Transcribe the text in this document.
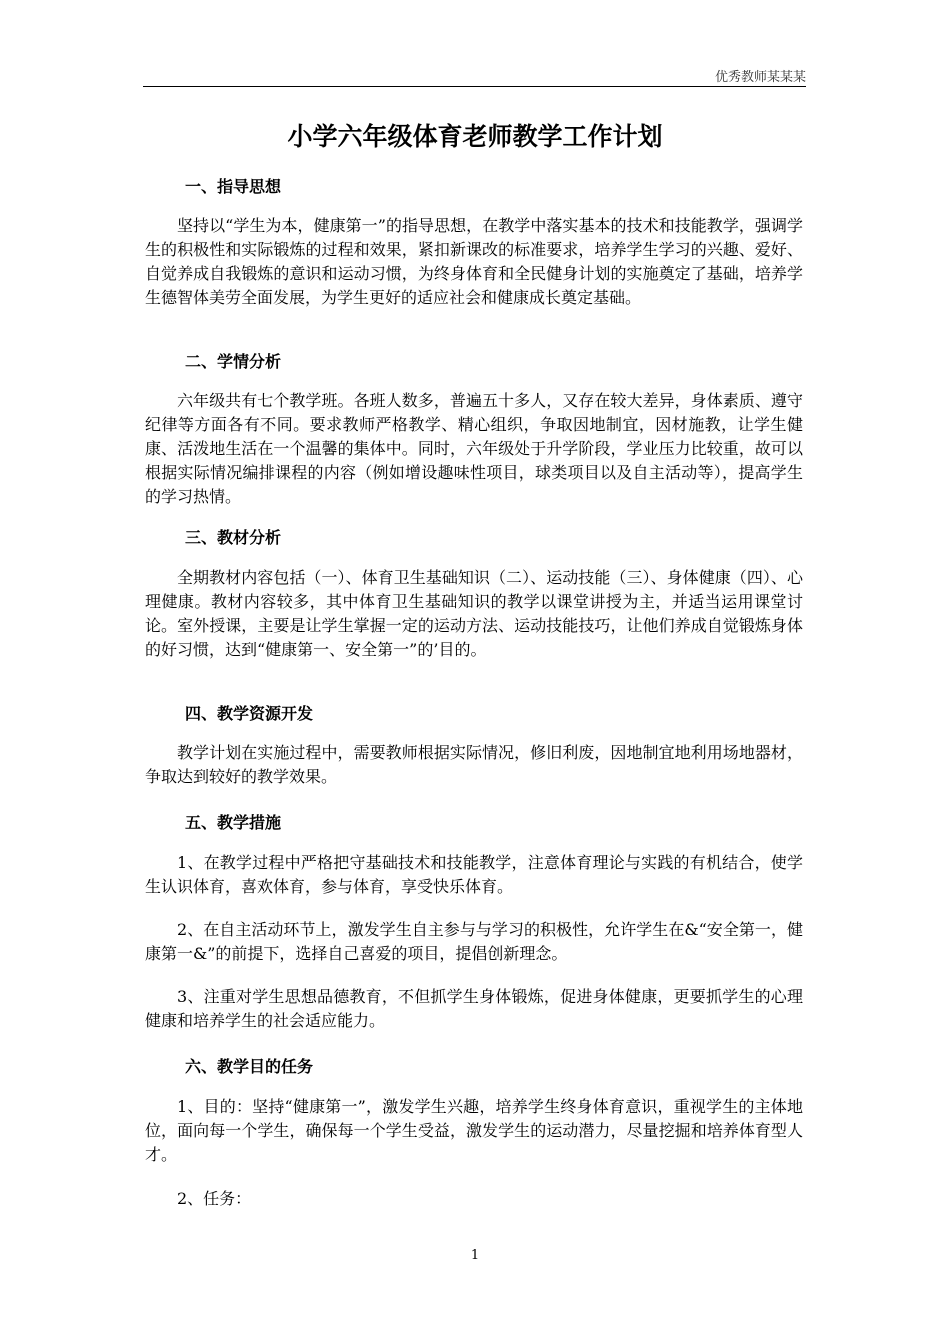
优秀教师某某某
小学六年级体育老师教学工作计划
一、指导思想
坚持以“学生为本，健康第一”的指导思想，在教学中落实基本的技术和技能教学，强调学生的积极性和实际锻炼的过程和效果，紧扣新课改的标准要求，培养学生学习的兴趣、爱好、自觉养成自我锻炼的意识和运动习惯，为终身体育和全民健身计划的实施奠定了基础，培养学生德智体美劳全面发展，为学生更好的适应社会和健康成长奠定基础。
二、学情分析
六年级共有七个教学班。各班人数多，普遍五十多人，又存在较大差异，身体素质、遵守纪律等方面各有不同。要求教师严格教学、精心组织，争取因地制宜，因材施教，让学生健康、活泼地生活在一个温馨的集体中。同时，六年级处于升学阶段，学业压力比较重，故可以根据实际情况编排课程的内容（例如增设趣味性项目，球类项目以及自主活动等），提高学生的学习热情。
三、教材分析
全期教材内容包括（一）、体育卫生基础知识（二）、运动技能（三）、身体健康（四）、心理健康。教材内容较多，其中体育卫生基础知识的教学以课堂讲授为主，并适当运用课堂讨论。室外授课，主要是让学生掌握一定的运动方法、运动技能技巧，让他们养成自觉锻炼身体的好习惯，达到“健康第一、安全第一”的’目的。
四、教学资源开发
教学计划在实施过程中，需要教师根据实际情况，修旧利废，因地制宜地利用场地器材，争取达到较好的教学效果。
五、教学措施
1、在教学过程中严格把守基础技术和技能教学，注意体育理论与实践的有机结合，使学生认识体育，喜欢体育，参与体育，享受快乐体育。
2、在自主活动环节上，激发学生自主参与与学习的积极性，允许学生在&“安全第一，健康第一&”的前提下，选择自己喜爱的项目，提倡创新理念。
3、注重对学生思想品德教育，不但抓学生身体锻炼，促进身体健康，更要抓学生的心理健康和培养学生的社会适应能力。
六、教学目的任务
1、目的：坚持“健康第一”，激发学生兴趣，培养学生终身体育意识，重视学生的主体地位，面向每一个学生，确保每一个学生受益，激发学生的运动潜力，尽量挖掘和培养体育型人才。
2、任务：
1
